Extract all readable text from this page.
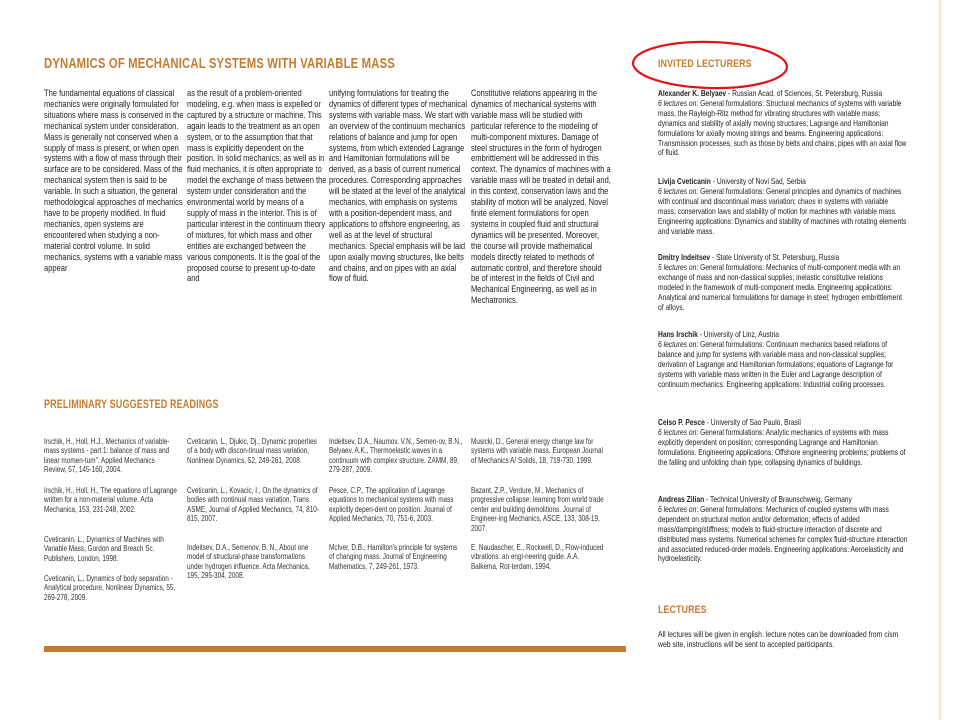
DYNAMICS OF MECHANICAL SYSTEMS WITH VARIABLE MASS
The fundamental equations of classical mechanics were originally formulated for situations where mass is conserved in the mechanical system under consideration. Mass is generally not conserved when a supply of mass is present, or when open systems with a flow of mass through their surface are to be considered. Mass of the mechanical system then is said to be variable. In such a situation, the general methodological approaches of mechanics have to be properly modified. In fluid mechanics, open systems are encountered when studying a non-material control volume. In solid mechanics, systems with a variable mass appear
as the result of a problem-oriented modeling, e.g. when mass is expelled or captured by a structure or machine. This again leads to the treatment as an open system, or to the assumption that that mass is explicitly dependent on the position. In solid mechanics, as well as in fluid mechanics, it is often appropriate to model the exchange of mass between the system under consideration and the environmental world by means of a supply of mass in the interior. This is of particular interest in the continuum theory of mixtures, for which mass and other entities are exchanged between the various components. It is the goal of the proposed course to present up-to-date and
unifying formulations for treating the dynamics of different types of mechanical systems with variable mass. We start with an overview of the continuum mechanics relations of balance and jump for open systems, from which extended Lagrange and Hamiltonian formulations will be derived, as a basis of current numerical procedures. Corresponding approaches will be stated at the level of the analytical mechanics, with emphasis on systems with a position-dependent mass, and applications to offshore engineering, as well as at the level of structural mechanics. Special emphasis will be laid upon axially moving structures, like belts and chains, and on pipes with an axial flow of fluid.
Constitutive relations appearing in the dynamics of mechanical systems with variable mass will be studied with particular reference to the modeling of multi-component mixtures. Damage of steel structures in the form of hydrogen embrittlement will be addressed in this context. The dynamics of machines with a variable mass will be treated in detail and, in this context, conservation laws and the stability of motion will be analyzed. Novel finite element formulations for open systems in coupled fluid and structural dynamics will be presented. Moreover, the course will provide mathematical models directly related to methods of automatic control, and therefore should be of interest in the fields of Civil and Mechanical Engineering, as well as in Mechatronics.
PRELIMINARY SUGGESTED READINGS
Irschik, H., Holl, H.J., Mechanics of variable-mass systems - part 1: balance of mass and linear momen-tum". Applied Mechanics Review, 57, 145-160, 2004.
Irschik, H., Holl, H., The equations of Lagrange written for a non-material volume. Acta Mechanica, 153, 231-248, 2002.
Cveticanin, L., Dynamics of Machines with Variable Mass, Gordon and Breach Sc. Publishers, London, 1998.
Cveticanin, L., Dynamics of body separation - Analytical procedure, Nonlinear Dynamics, 55, 269-278, 2009.
Cveticanin, L., Djukic, Dj., Dynamic properties of a body with discon-tinual mass variation, Nonlinear Dynamics, 52, 249-261, 2008.
Cveticanin, L., Kovacic, I., On the dynamics of bodies with continual mass variation, Trans ASME, Journal of Applied Mechanics, 74, 810-815, 2007.
Indeitsev, D.A., Semenov, B. N., About one model of structural-phase transformations under hydrogen influence. Acta Mechanica, 195, 295-304, 2008.
Indeitsev, D.A., Naumov, V.N., Semen-ov, B.N., Belyaev, A.K., Thermoelastic waves in a continuum with complex structure. ZAMM, 89, 279-287, 2009.
Pesce, C.P., The application of Lagrange equations to mechanical systems with mass explicitly depen-dent on position. Journal of Applied Mechanics, 70, 751-6, 2003.
McIver, D.B., Hamilton's principle for systems of changing mass. Journal of Engineering Mathematics, 7, 249-261, 1973.
Musicki, D., General energy change law for systems with variable mass. European Journal of Mechanics A/ Solids, 18, 719-730, 1999.
Bazant, Z.P., Verdure, M., Mechanics of progressive collapse: learning from world trade center and building demolitions. Journal of Engineer-ing Mechanics, ASCE, 133, 308-19, 2007.
E. Naudascher, E., Rockwell, D., Flow-induced vibrations: an engi-neering guide. A.A. Balkema, Rot-terdam, 1994.
INVITED LECTURERS
Alexander K. Belyaev - Russian Acad. of Sciences, St. Petersburg, Russia
6 lectures on: General formulations: Structural mechanics of systems with variable mass, the Rayleigh-Ritz method for vibrating structures with variable mass; dynamics and stability of axially moving structures; Lagrange and Hamiltonian formulations for axially moving strings and beams. Engineering applications: Transmission processes, such as those by belts and chains; pipes with an axial flow of fluid.
Livija Cveticanin - University of Novi Sad, Serbia
6 lectures on: General formulations: General principles and dynamics of machines with continual and discontinual mass variation; chaos in systems with variable mass; conservation laws and stability of motion for machines with variable mass. Engineering applications: Dynamics and stability of machines with rotating elements and variable mass.
Dmitry Indeitsev - State University of St. Petersburg, Russia
5 lectures on: General formulations: Mechanics of multi-component media with an exchange of mass and non-classical supplies; inelastic constitutive relations modeled in the framework of multi-component media. Engineering applications: Analytical and numerical formulations for damage in steel; hydrogen embrittlement of alloys.
Hans Irschik - University of Linz, Austria
6 lectures on: General formulations: Continuum mechanics based relations of balance and jump for systems with variable mass and non-classical supplies; derivation of Lagrange and Hamiltonian formulations; equations of Lagrange for systems with variable mass written in the Euler and Lagrange description of continuum mechanics. Engineering applications: Industrial coiling processes.
Celso P. Pesce - University of Sao Paulo, Brasil
6 lectures on: General formulations: Analytic mechanics of systems with mass explicitly dependent on position; corresponding Lagrange and Hamiltonian formulations. Engineering applications: Offshore engineering problems; problems of the falling and unfolding chain type; collapsing dynamics of buildings.
Andreas Zilian - Technical University of Braunschweig, Germany
6 lectures on: General formulations: Mechanics of coupled systems with mass dependent on structural motion and/or deformation; effects of added mass/damping/stiffness; models to fluid-structure interaction of discrete and distributed mass systems. Numerical schemes for complex fluid-structure interaction and associated reduced-order models. Engineering applications: Aeroelasticity and hydroelasticity.
LECTURES
All lectures will be given in english. lecture notes can be downloaded from cism web site, instructions will be sent to accepted participants.
